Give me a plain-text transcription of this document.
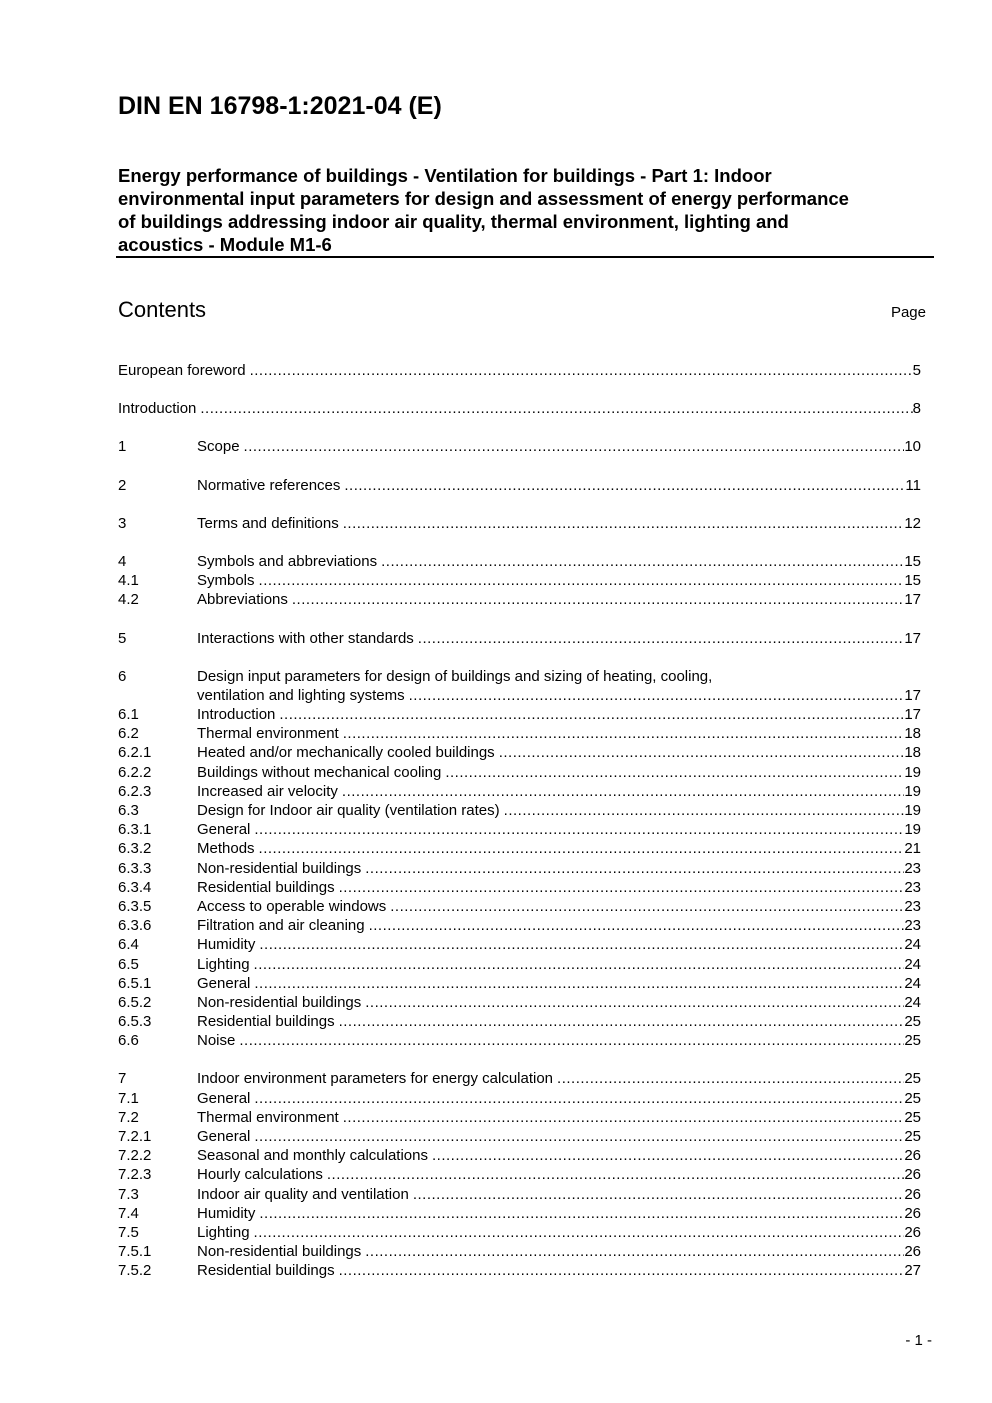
DIN EN 16798-1:2021-04 (E)
Energy performance of buildings - Ventilation for buildings - Part 1: Indoor
environmental input parameters for design and assessment of energy performance
of buildings addressing indoor air quality, thermal environment, lighting and
acoustics - Module M1-6
Contents	Page
European foreword .....	5
Introduction .....	8
1	Scope .....	10
2	Normative references .....	11
3	Terms and definitions .....	12
4	Symbols and abbreviations .....	15
4.1	Symbols .....	15
4.2	Abbreviations .....	17
5	Interactions with other standards .....	17
6	Design input parameters for design of buildings and sizing of heating, cooling,
ventilation and lighting systems .....	17
6.1	Introduction .....	17
6.2	Thermal environment .....	18
6.2.1	Heated and/or mechanically cooled buildings .....	18
6.2.2	Buildings without mechanical cooling .....	19
6.2.3	Increased air velocity .....	19
6.3	Design for Indoor air quality (ventilation rates) .....	19
6.3.1	General .....	19
6.3.2	Methods .....	21
6.3.3	Non-residential buildings .....	23
6.3.4	Residential buildings .....	23
6.3.5	Access to operable windows .....	23
6.3.6	Filtration and air cleaning .....	23
6.4	Humidity .....	24
6.5	Lighting .....	24
6.5.1	General .....	24
6.5.2	Non-residential buildings .....	24
6.5.3	Residential buildings .....	25
6.6	Noise .....	25
7	Indoor environment parameters for energy calculation .....	25
7.1	General .....	25
7.2	Thermal environment .....	25
7.2.1	General .....	25
7.2.2	Seasonal and monthly calculations .....	26
7.2.3	Hourly calculations .....	26
7.3	Indoor air quality and ventilation .....	26
7.4	Humidity .....	26
7.5	Lighting .....	26
7.5.1	Non-residential buildings .....	26
7.5.2	Residential buildings .....	27
- 1 -
